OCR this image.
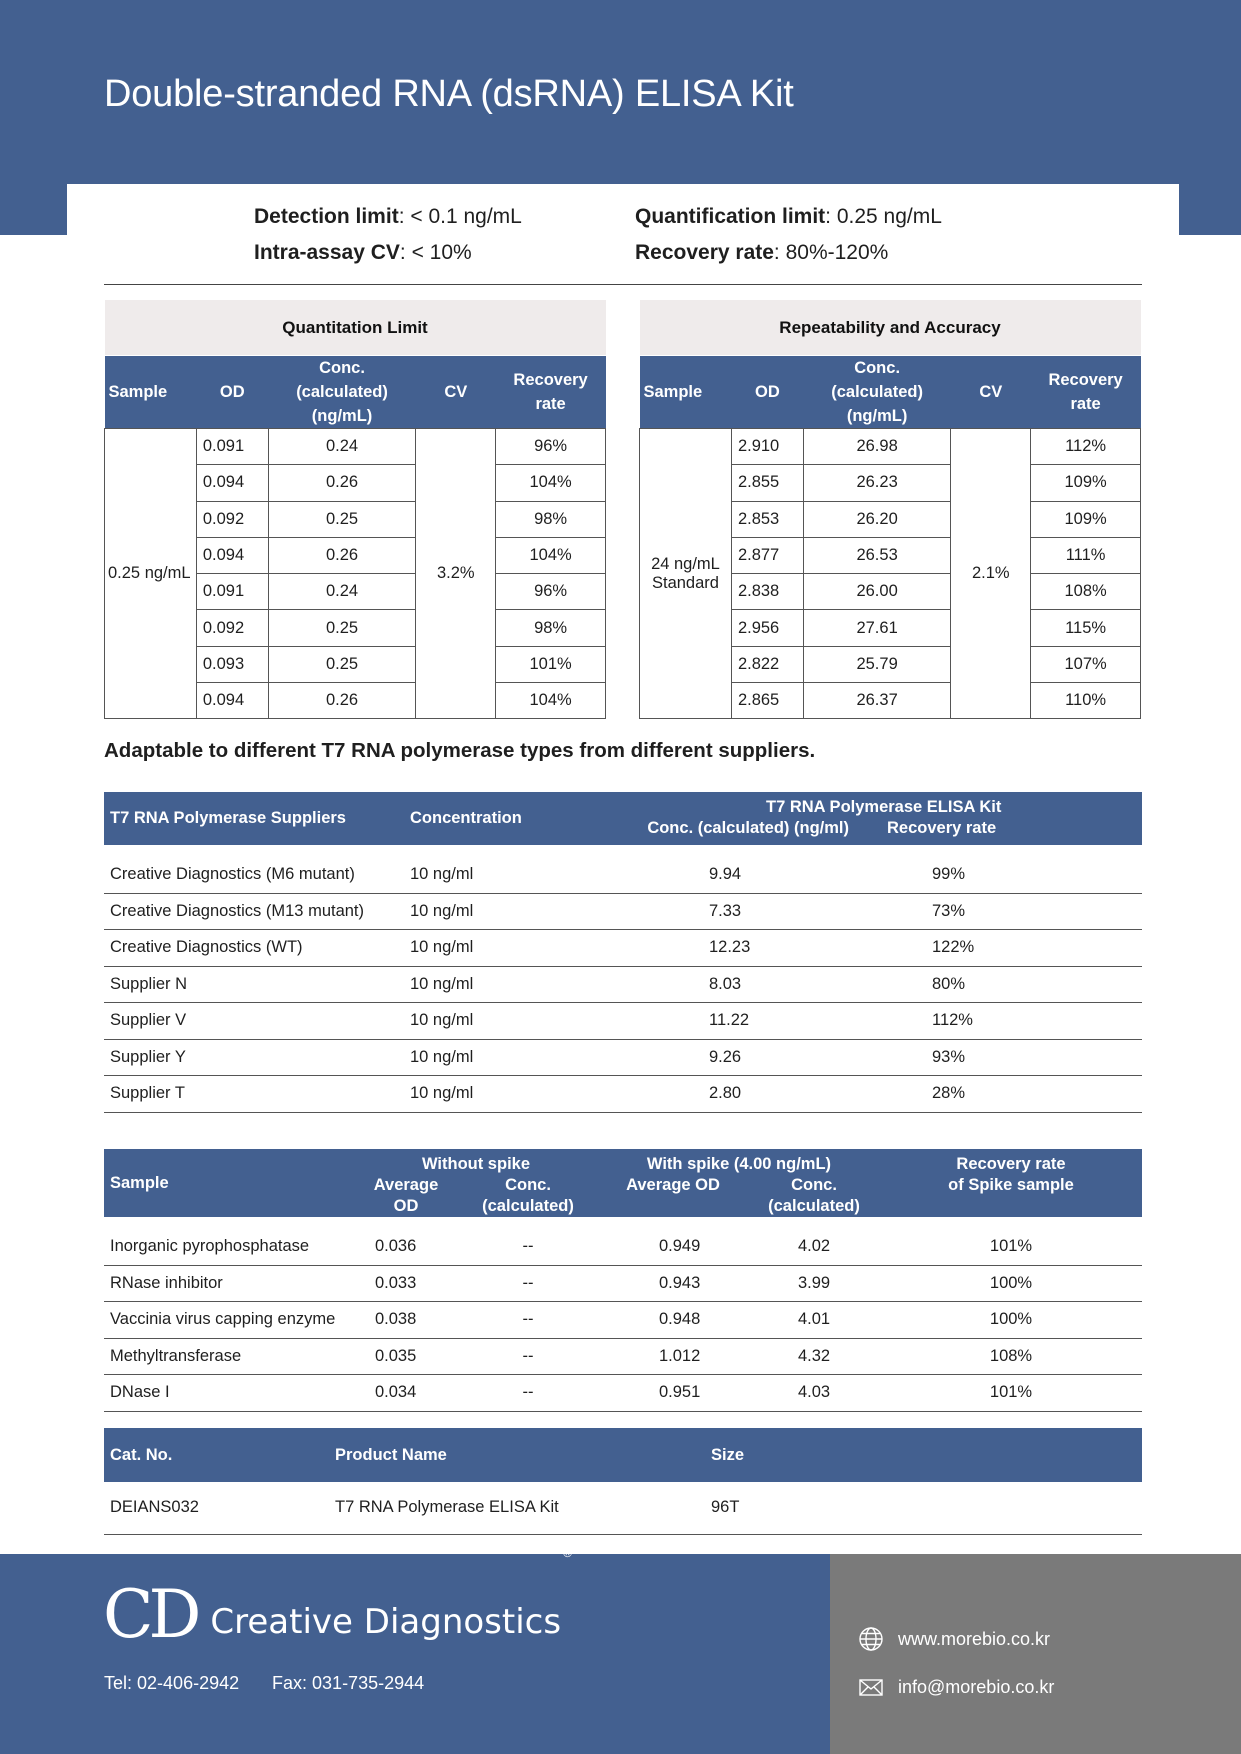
Double-stranded RNA (dsRNA) ELISA Kit
Detection limit: < 0.1 ng/mL	Quantification limit: 0.25 ng/mL
Intra-assay CV: < 10%	Recovery rate: 80%-120%
Quantitation Limit				
Sample	OD	Conc. (calculated) (ng/mL)	CV	Recovery rate
0.25 ng/mL	0.091	0.24	3.2%	96%
	0.094	0.26		104%
	0.092	0.25		98%
	0.094	0.26		104%
	0.091	0.24		96%
	0.092	0.25		98%
	0.093	0.25		101%
	0.094	0.26		104%
Repeatability and Accuracy				
Sample	OD	Conc. (calculated) (ng/mL)	CV	Recovery rate
24 ng/mL Standard	2.910	26.98	2.1%	112%
	2.855	26.23		109%
	2.853	26.20		109%
	2.877	26.53		111%
	2.838	26.00		108%
	2.956	27.61		115%
	2.822	25.79		107%
	2.865	26.37		110%
Adaptable to different T7 RNA polymerase types from different suppliers.
T7 RNA Polymerase Suppliers	Concentration	T7 RNA Polymerase ELISA Kit	
		Conc. (calculated) (ng/ml)	Recovery rate

Creative Diagnostics (M6 mutant)	10 ng/ml	9.94	99%
Creative Diagnostics (M13 mutant)	10 ng/ml	7.33	73%
Creative Diagnostics (WT)	10 ng/ml	12.23	122%
Supplier N	10 ng/ml	8.03	80%
Supplier V	10 ng/ml	11.22	112%
Supplier Y	10 ng/ml	9.26	93%
Supplier T	10 ng/ml	2.80	28%
Sample	Without spike		With spike (4.00 ng/mL)		Recovery rate
	Average OD	Conc.(calculated)	Average OD	Conc.(calculated)	of Spike sample

Inorganic pyrophosphatase	0.036	--	0.949	4.02	101%
RNase inhibitor	0.033	--	0.943	3.99	100%
Vaccinia virus capping enzyme	0.038	--	0.948	4.01	100%
Methyltransferase	0.035	--	1.012	4.32	108%
DNase I	0.034	--	0.951	4.03	101%
Cat. No.	Product Name	Size
DEIANS032	T7 RNA Polymerase ELISA Kit	96T
CD Creative Diagnostics®
Tel: 02-406-2942 Fax: 031-735-2944
www.morebio.co.kr
info@morebio.co.kr
